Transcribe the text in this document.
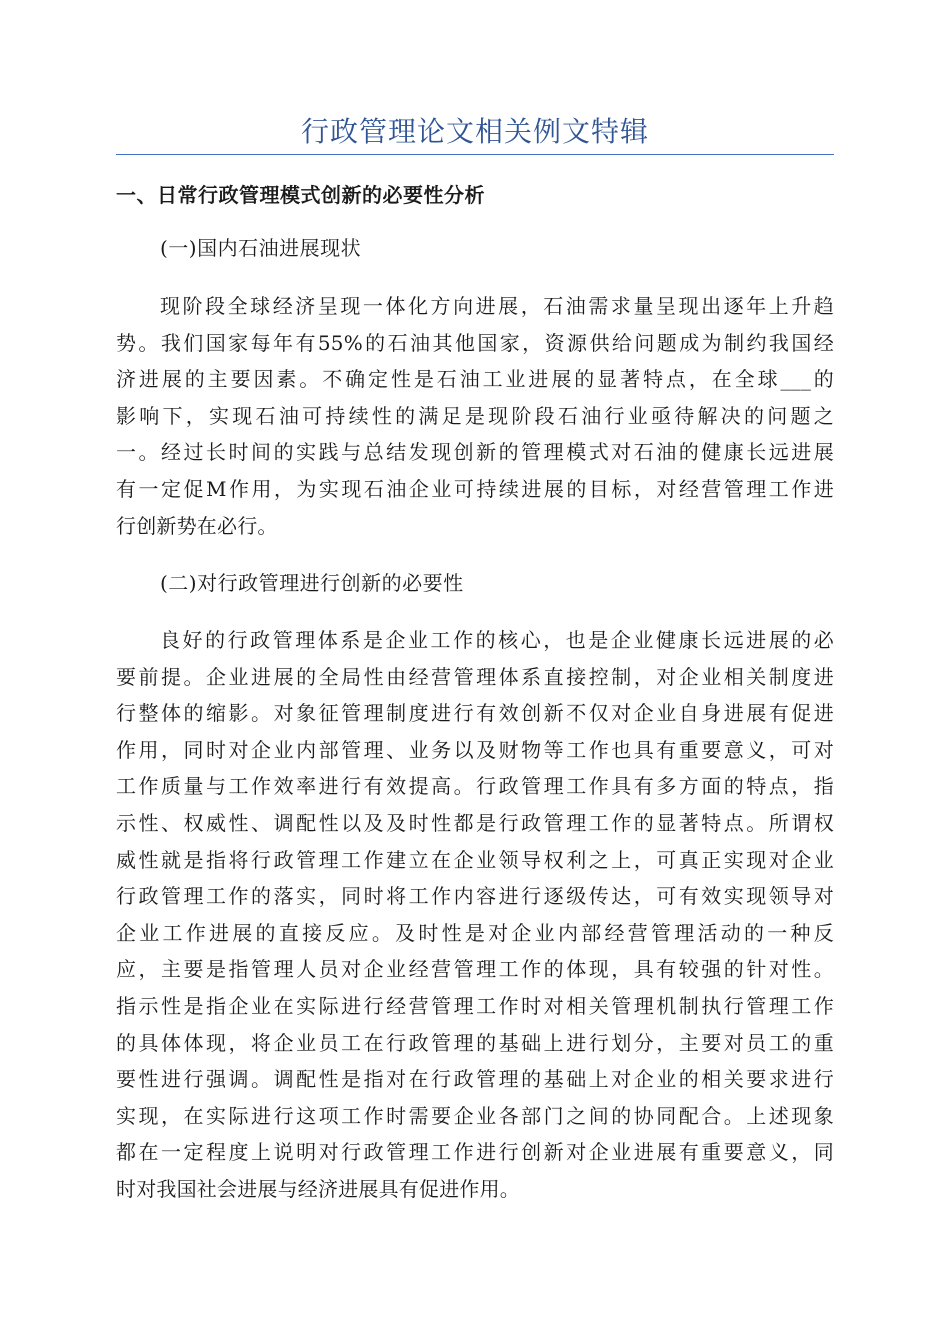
行政管理论文相关例文特辑
一、日常行政管理模式创新的必要性分析
(一)国内石油进展现状
现阶段全球经济呈现一体化方向进展，石油需求量呈现出逐年上升趋
势。我们国家每年有55%的石油其他国家，资源供给问题成为制约我国经
济进展的主要因素。不确定性是石油工业进展的显著特点，在全球___的
影响下，实现石油可持续性的满足是现阶段石油行业亟待解决的问题之
一。经过长时间的实践与总结发现创新的管理模式对石油的健康长远进展
有一定促M作用，为实现石油企业可持续进展的目标，对经营管理工作进
行创新势在必行。
(二)对行政管理进行创新的必要性
良好的行政管理体系是企业工作的核心，也是企业健康长远进展的必
要前提。企业进展的全局性由经营管理体系直接控制，对企业相关制度进
行整体的缩影。对象征管理制度进行有效创新不仅对企业自身进展有促进
作用，同时对企业内部管理、业务以及财物等工作也具有重要意义，可对
工作质量与工作效率进行有效提高。行政管理工作具有多方面的特点，指
示性、权威性、调配性以及及时性都是行政管理工作的显著特点。所谓权
威性就是指将行政管理工作建立在企业领导权利之上，可真正实现对企业
行政管理工作的落实，同时将工作内容进行逐级传达，可有效实现领导对
企业工作进展的直接反应。及时性是对企业内部经营管理活动的一种反
应，主要是指管理人员对企业经营管理工作的体现，具有较强的针对性。
指示性是指企业在实际进行经营管理工作时对相关管理机制执行管理工作
的具体体现，将企业员工在行政管理的基础上进行划分，主要对员工的重
要性进行强调。调配性是指对在行政管理的基础上对企业的相关要求进行
实现，在实际进行这项工作时需要企业各部门之间的协同配合。上述现象
都在一定程度上说明对行政管理工作进行创新对企业进展有重要意义，同
时对我国社会进展与经济进展具有促进作用。
